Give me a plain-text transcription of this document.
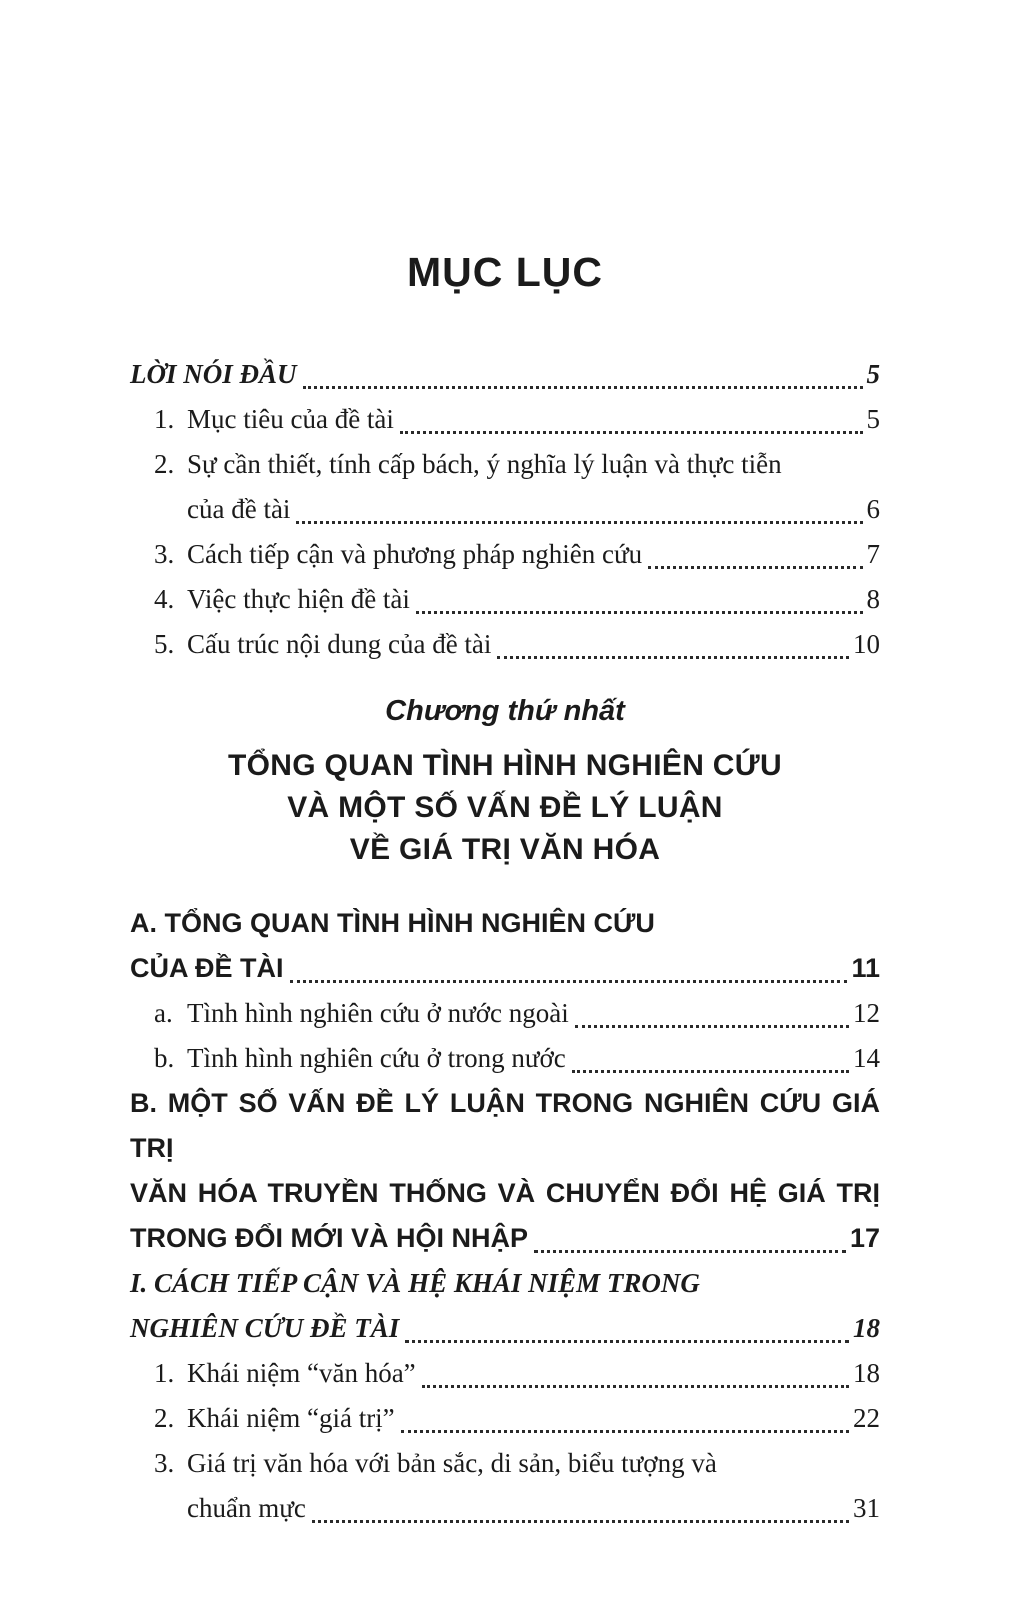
MỤC LỤC
LỜI NÓI ĐẦU	5
1. Mục tiêu của đề tài	5
2. Sự cần thiết, tính cấp bách, ý nghĩa lý luận và thực tiễn
của đề tài	6
3. Cách tiếp cận và phương pháp nghiên cứu	7
4. Việc thực hiện đề tài	8
5. Cấu trúc nội dung của đề tài	10
Chương thứ nhất
TỔNG QUAN TÌNH HÌNH NGHIÊN CỨU
VÀ MỘT SỐ VẤN ĐỀ LÝ LUẬN
VỀ GIÁ TRỊ VĂN HÓA
A. TỔNG QUAN TÌNH HÌNH NGHIÊN CỨU
CỦA ĐỀ TÀI	11
a. Tình hình nghiên cứu ở nước ngoài	12
b. Tình hình nghiên cứu ở trong nước	14
B. MỘT SỐ VẤN ĐỀ LÝ LUẬN TRONG NGHIÊN CỨU GIÁ TRỊ
VĂN HÓA TRUYỀN THỐNG VÀ CHUYỂN ĐỔI HỆ GIÁ TRỊ
TRONG ĐỔI MỚI VÀ HỘI NHẬP	17
I. CÁCH TIẾP CẬN VÀ HỆ KHÁI NIỆM TRONG
NGHIÊN CỨU ĐỀ TÀI	18
1. Khái niệm “văn hóa”	18
2. Khái niệm “giá trị”	22
3. Giá trị văn hóa với bản sắc, di sản, biểu tượng và
chuẩn mực	31
